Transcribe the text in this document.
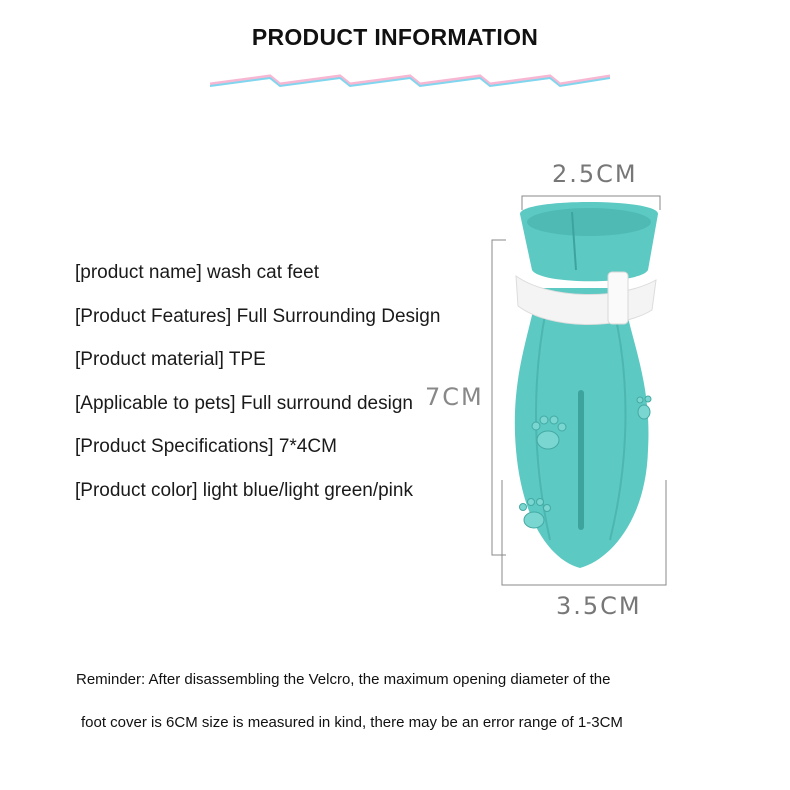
PRODUCT INFORMATION
[product name] wash cat feet
[Product Features] Full Surrounding Design
[Product material] TPE
[Applicable to pets] Full surround design
[Product Specifications] 7*4CM
[Product color] light blue/light green/pink
2.5CM
7CM
3.5CM

Reminder: After disassembling the Velcro, the maximum opening diameter of the

foot cover is 6CM size is measured in kind, there may be an error range of 1-3CM
